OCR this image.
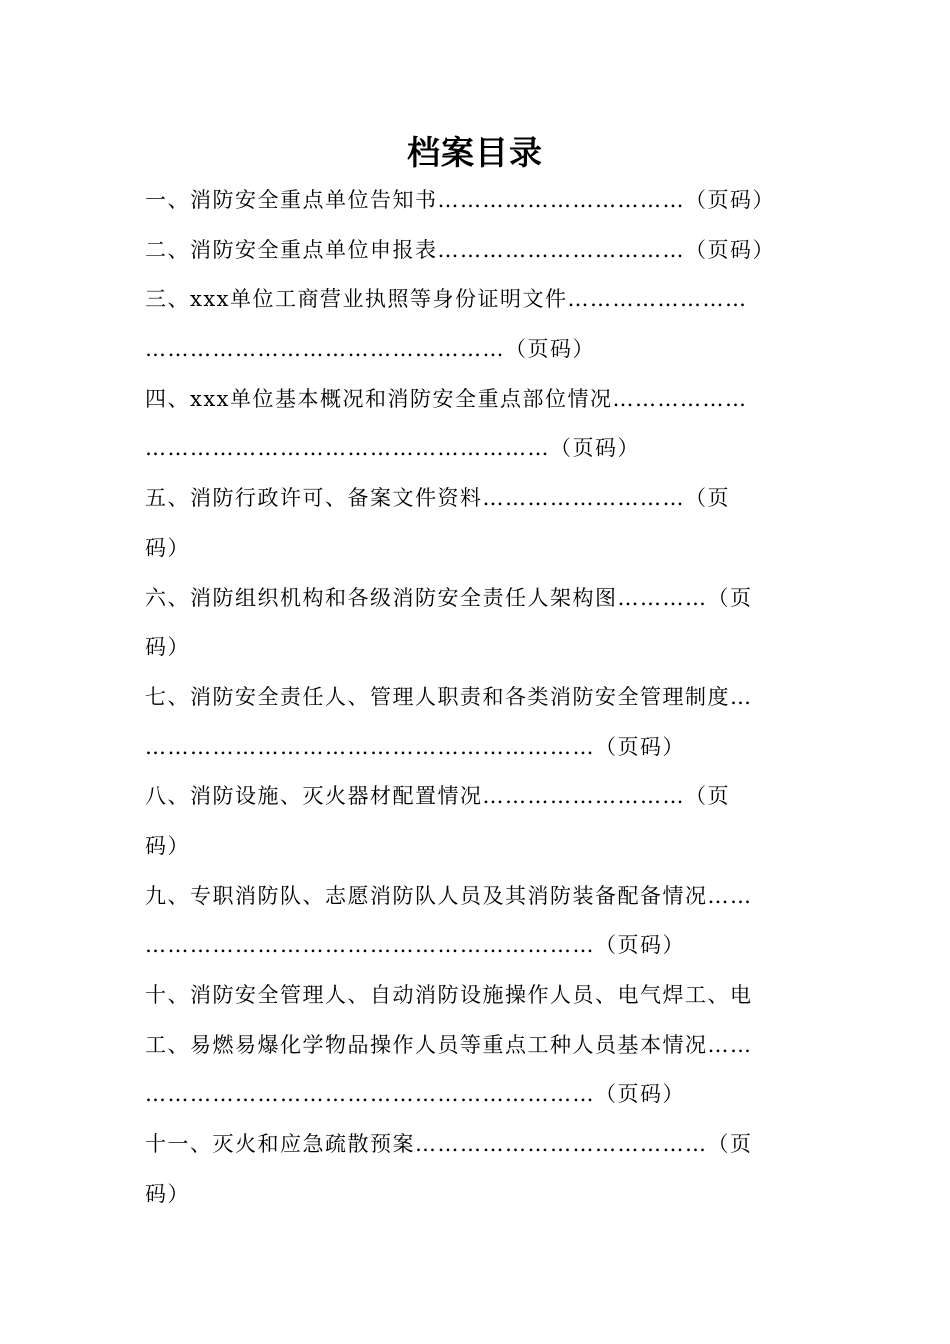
档案目录
一、消防安全重点单位告知书……………………………（页码）
二、消防安全重点单位申报表……………………………（页码）
三、xxx单位工商营业执照等身份证明文件……………………
…………………………………………（页码）
四、xxx单位基本概况和消防安全重点部位情况………………
………………………………………………（页码）
五、消防行政许可、备案文件资料………………………（页
码）
六、消防组织机构和各级消防安全责任人架构图…………（页
码）
七、消防安全责任人、管理人职责和各类消防安全管理制度…
……………………………………………………（页码）
八、消防设施、灭火器材配置情况………………………（页
码）
九、专职消防队、志愿消防队人员及其消防装备配备情况……
……………………………………………………（页码）
十、消防安全管理人、自动消防设施操作人员、电气焊工、电
工、易燃易爆化学物品操作人员等重点工种人员基本情况……
……………………………………………………（页码）
十一、灭火和应急疏散预案…………………………………（页
码）
